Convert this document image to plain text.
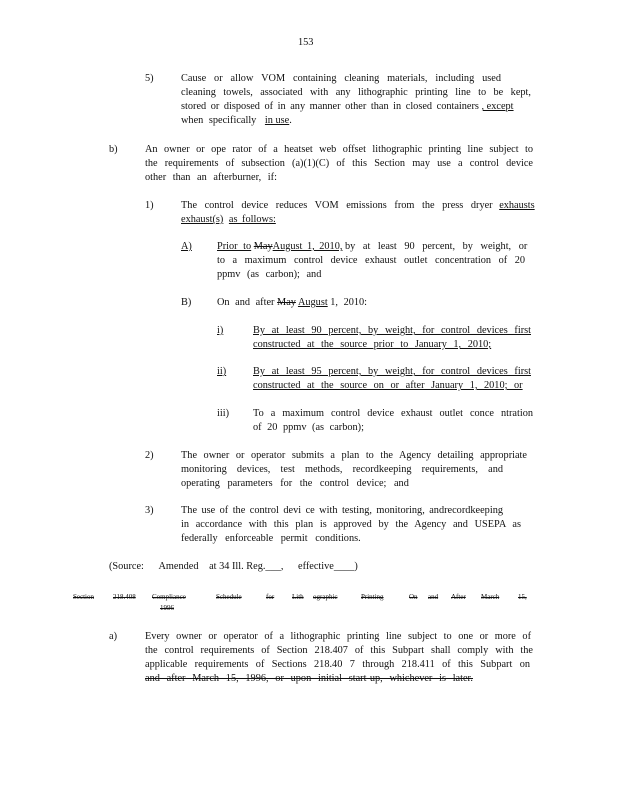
153
5)	Cause or allow VOM containing cleaning materials, including used
cleaning towels, associated with any lithographic printing line to be kept,
stored or disposed of in any manner other than in closed containers , except
when specifically in use.
b)	An owner or ope rator of a heatset web offset lithographic printing line subject to
the requirements of subsection (a)(1)(C) of this Section may use a control device
other than an afterburner, if:
1)	The control device reduces VOM emissions from the press dryer exhausts
exhaust(s) as follows:
A) Prior to MayAugust 1, 2010, by at least 90 percent, by weight, or
to a maximum control device exhaust outlet concentration of 20
ppmv (as carbon); and
B) On and after May August 1, 2010:
i)	By at least 90 percent, by weight, for control devices first
constructed at the source prior to January 1, 2010;
ii)	By at least 95 percent, by weight, for control devices first
constructed at the source on or after January 1, 2010; or
iii) To a maximum control device exhaust outlet conce ntration
of 20 ppmv (as carbon);
2)	The owner or operator submits a plan to the Agency detailing appropriate
monitoring devices, test methods, recordkeeping requirements, and
operating parameters for the control device; and
3)	The use of the control devi ce with testing, monitoring, andrecordkeeping
in accordance with this plan is approved by the Agency and USEPA as
federally enforceable permit conditions.
(Source: Amended at 34 Ill. Reg.___, effective____)
Section	218.408 Compliance
1996
Schedule	for	Lith ographic	Printing	On and After March	15,
a)	Every owner or operator of a lithographic printing line subject to one or more of
the control requirements of Section 218.407 of this Subpart shall comply with the
applicable requirements of Sections 218.40 7 through 218.411 of this Subpart on
and after March 15, 1996, or upon initial start-up, whichever is later.
